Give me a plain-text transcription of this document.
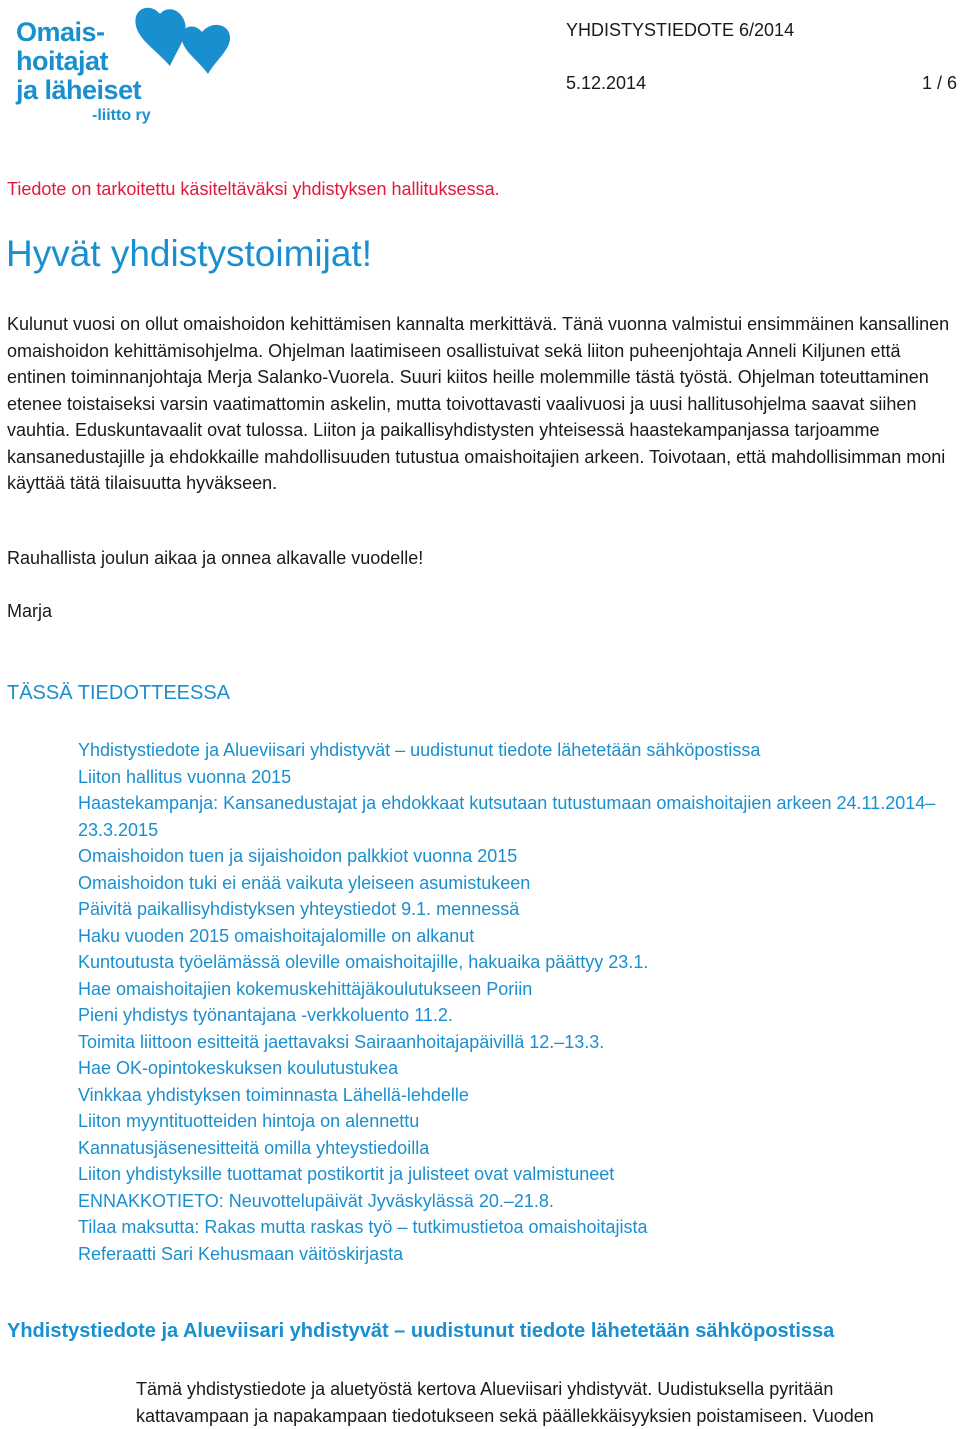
Omais-
hoitajat
ja läheiset
-liitto ry
YHDISTYSTIEDOTE 6/2014
5.12.2014	1 / 6
Tiedote on tarkoitettu käsiteltäväksi yhdistyksen hallituksessa.
Hyvät yhdistystoimijat!

Kulunut vuosi on ollut omaishoidon kehittämisen kannalta merkittävä. Tänä vuonna valmistui ensimmäinen kansallinen omaishoidon kehittämisohjelma. Ohjelman laatimiseen osallistuivat sekä liiton puheenjohtaja Anneli Kiljunen että entinen toiminnanjohtaja Merja Salanko-Vuorela. Suuri kiitos heille molemmille tästä työstä. Ohjelman toteuttaminen etenee toistaiseksi varsin vaatimattomin askelin, mutta toivottavasti vaalivuosi ja uusi hallitusohjelma saavat siihen vauhtia. Eduskuntavaalit ovat tulossa. Liiton ja paikallisyhdistysten yhteisessä haastekampanjassa tarjoamme kansanedustajille ja ehdokkaille mahdollisuuden tutustua omaishoitajien arkeen. Toivotaan, että mahdollisimman moni käyttää tätä tilaisuutta hyväkseen.

Rauhallista joulun aikaa ja onnea alkavalle vuodelle!

Marja

TÄSSÄ TIEDOTTEESSA
Yhdistystiedote ja Alueviisari yhdistyvät – uudistunut tiedote lähetetään sähköpostissa
Liiton hallitus vuonna 2015
Haastekampanja: Kansanedustajat ja ehdokkaat kutsutaan tutustumaan omaishoitajien arkeen 24.11.2014–23.3.2015
Omaishoidon tuen ja sijaishoidon palkkiot vuonna 2015
Omaishoidon tuki ei enää vaikuta yleiseen asumistukeen
Päivitä paikallisyhdistyksen yhteystiedot 9.1. mennessä
Haku vuoden 2015 omaishoitajalomille on alkanut
Kuntoutusta työelämässä oleville omaishoitajille, hakuaika päättyy 23.1.
Hae omaishoitajien kokemuskehittäjäkoulutukseen Poriin
Pieni yhdistys työnantajana -verkkoluento 11.2.
Toimita liittoon esitteitä jaettavaksi Sairaanhoitajapäivillä 12.–13.3.
Hae OK-opintokeskuksen koulutustukea
Vinkkaa yhdistyksen toiminnasta Lähellä-lehdelle
Liiton myyntituotteiden hintoja on alennettu
Kannatusjäsenesitteitä omilla yhteystiedoilla
Liiton yhdistyksille tuottamat postikortit ja julisteet ovat valmistuneet
ENNAKKOTIETO: Neuvottelupäivät Jyväskylässä 20.–21.8.
Tilaa maksutta: Rakas mutta raskas työ – tutkimustietoa omaishoitajista
Referaatti Sari Kehusmaan väitöskirjasta
Yhdistystiedote ja Alueviisari yhdistyvät – uudistunut tiedote lähetetään sähköpostissa

Tämä yhdistystiedote ja aluetyöstä kertova Alueviisari yhdistyvät. Uudistuksella pyritään kattavampaan ja napakampaan tiedotukseen sekä päällekkäisyyksien poistamiseen. Vuoden
